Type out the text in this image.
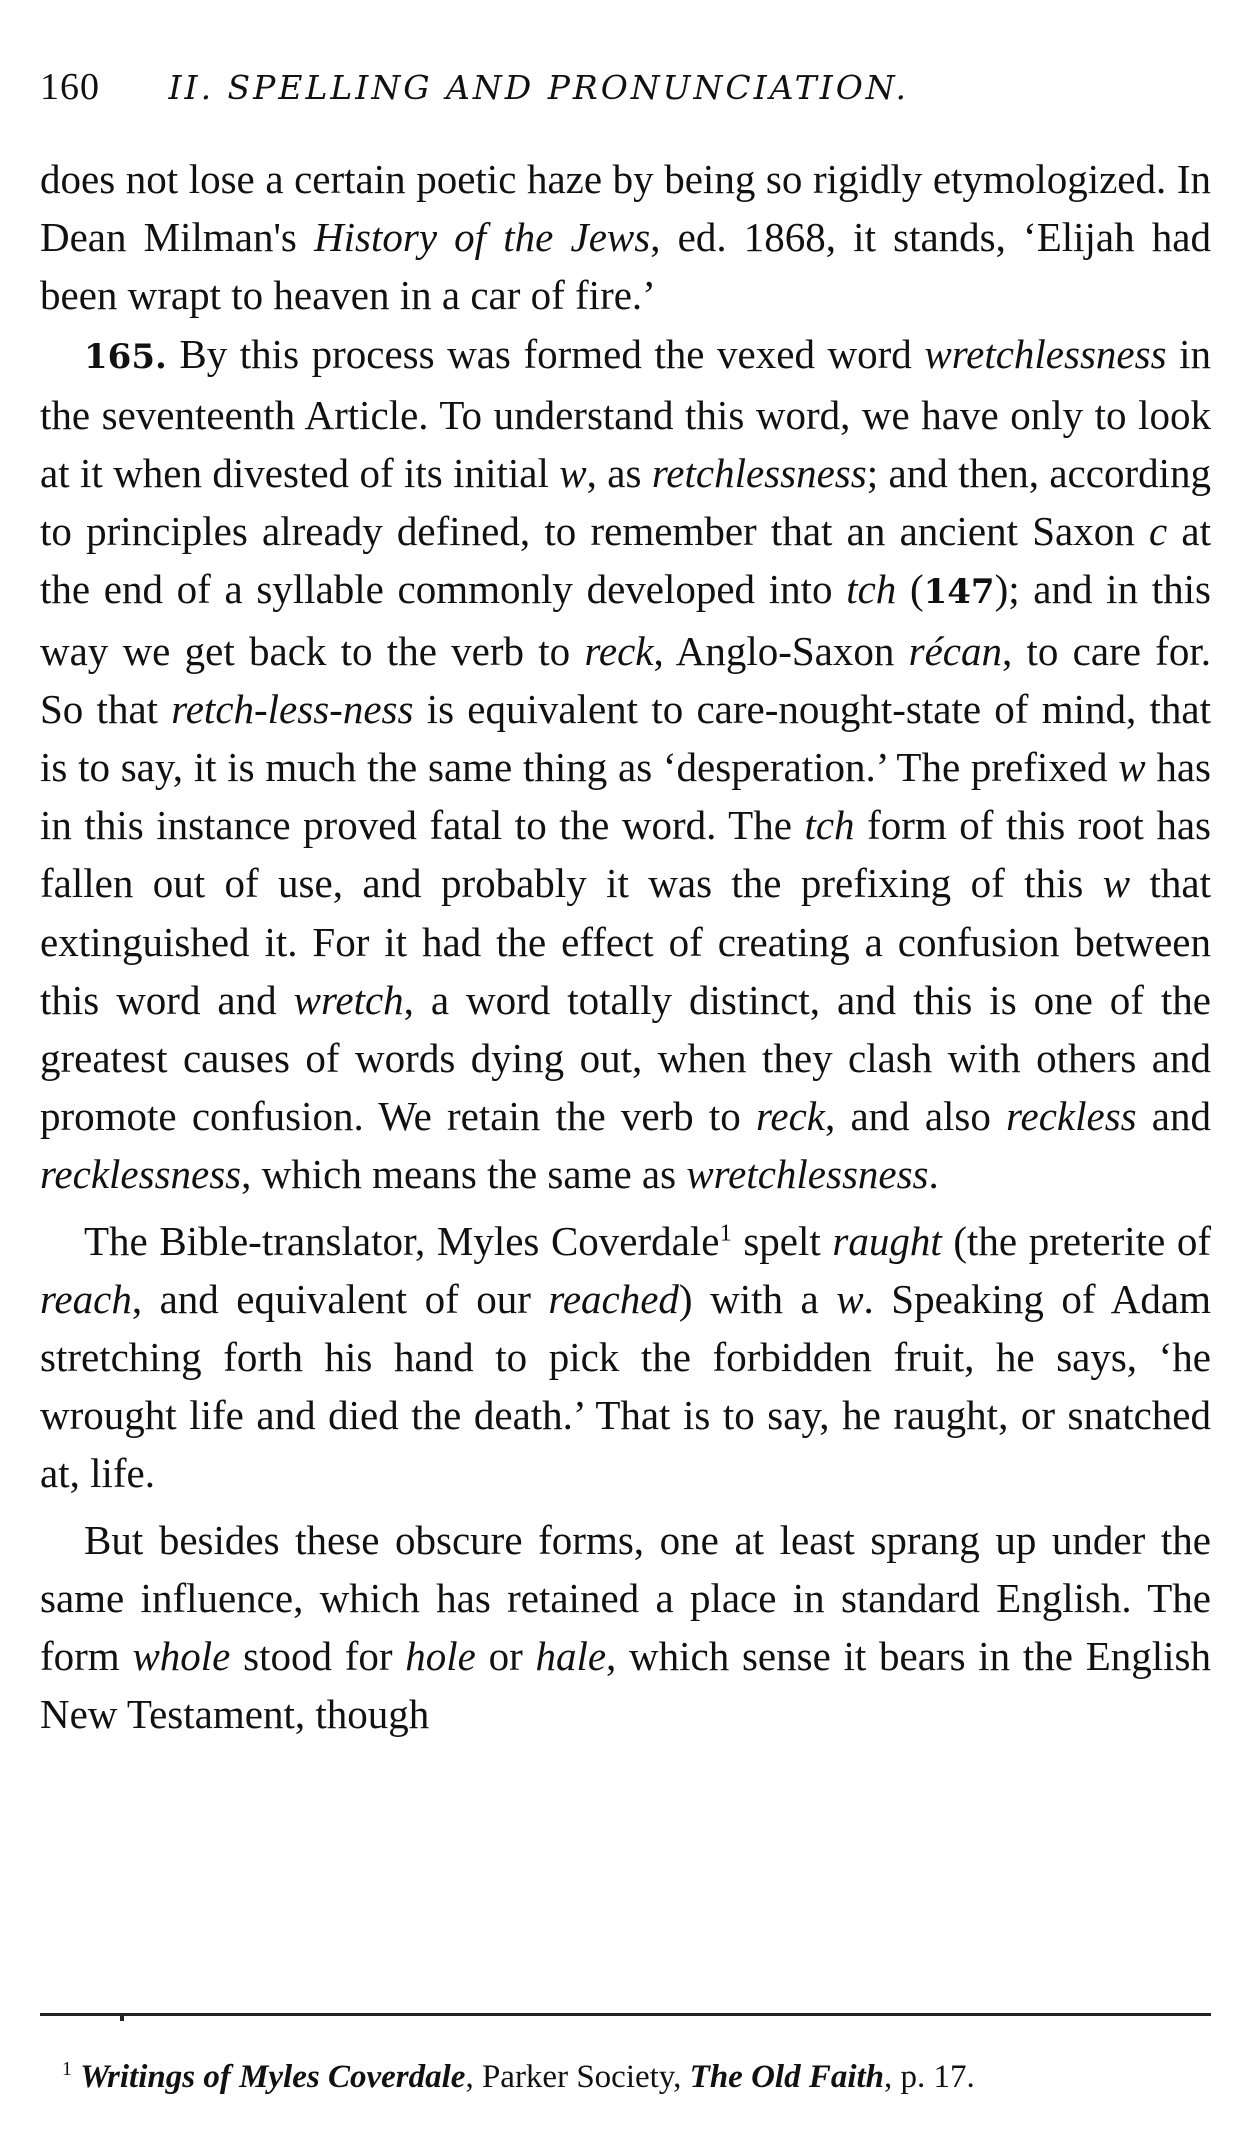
160 II. SPELLING AND PRONUNCIATION.

does not lose a certain poetic haze by being so rigidly etymologized. In Dean Milman's History of the Jews, ed. 1868, it stands, ‘Elijah had been wrapt to heaven in a car of fire.’

165. By this process was formed the vexed word wretchlessness in the seventeenth Article. To understand this word, we have only to look at it when divested of its initial w, as retchlessness; and then, according to principles already defined, to remember that an ancient Saxon c at the end of a syllable commonly developed into tch (147); and in this way we get back to the verb to reck, Anglo-Saxon récan, to care for. So that retch-less-ness is equivalent to care-nought-state of mind, that is to say, it is much the same thing as ‘desperation.’ The prefixed w has in this instance proved fatal to the word. The tch form of this root has fallen out of use, and probably it was the prefixing of this w that extinguished it. For it had the effect of creating a confusion between this word and wretch, a word totally distinct, and this is one of the greatest causes of words dying out, when they clash with others and promote confusion. We retain the verb to reck, and also reckless and recklessness, which means the same as wretchlessness.

The Bible-translator, Myles Coverdale$^1$ spelt raught (the preterite of reach, and equivalent of our reached) with a w. Speaking of Adam stretching forth his hand to pick the forbidden fruit, he says, ‘he wrought life and died the death.’ That is to say, he raught, or snatched at, life.

But besides these obscure forms, one at least sprang up under the same influence, which has retained a place in standard English. The form whole stood for hole or hale, which sense it bears in the English New Testament, though

$^1$ Writings of Myles Coverdale, Parker Society, The Old Faith, p. 17.
